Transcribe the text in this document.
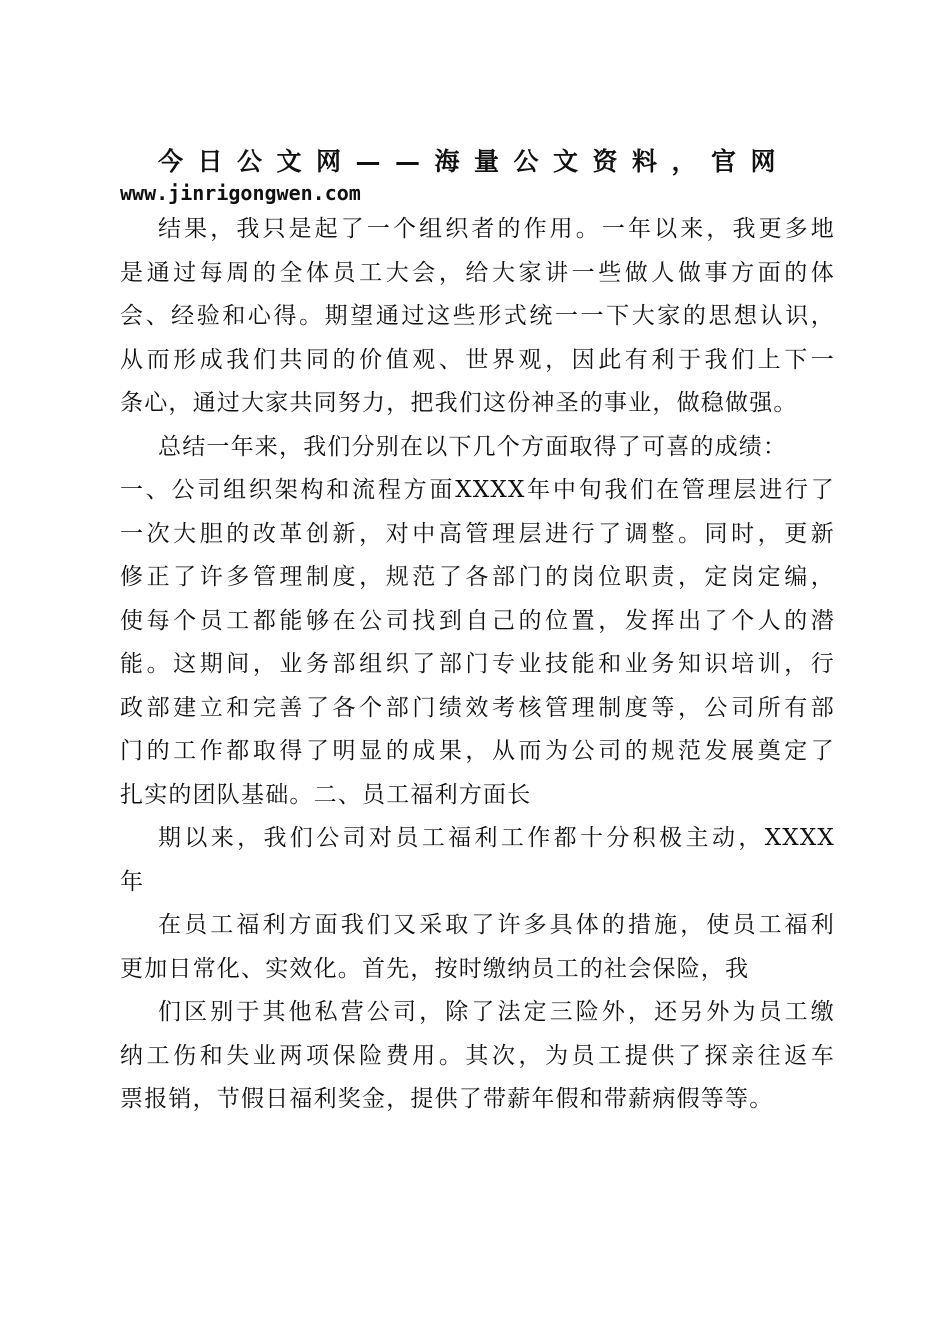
今日公文网——海量公文资料，官网
www.jinrigongwen.com
结果，我只是起了一个组织者的作用。一年以来，我更多地
是通过每周的全体员工大会，给大家讲一些做人做事方面的体
会、经验和心得。期望通过这些形式统一一下大家的思想认识，
从而形成我们共同的价值观、世界观，因此有利于我们上下一
条心，通过大家共同努力，把我们这份神圣的事业，做稳做强。
总结一年来，我们分别在以下几个方面取得了可喜的成绩：
一、公司组织架构和流程方面XXXX年中旬我们在管理层进行了
一次大胆的改革创新，对中高管理层进行了调整。同时，更新
修正了许多管理制度，规范了各部门的岗位职责，定岗定编，
使每个员工都能够在公司找到自己的位置，发挥出了个人的潜
能。这期间，业务部组织了部门专业技能和业务知识培训，行
政部建立和完善了各个部门绩效考核管理制度等，公司所有部
门的工作都取得了明显的成果，从而为公司的规范发展奠定了
扎实的团队基础。二、员工福利方面长
期以来，我们公司对员工福利工作都十分积极主动，XXXX
年
在员工福利方面我们又采取了许多具体的措施，使员工福利
更加日常化、实效化。首先，按时缴纳员工的社会保险，我
们区别于其他私营公司，除了法定三险外，还另外为员工缴
纳工伤和失业两项保险费用。其次，为员工提供了探亲往返车
票报销，节假日福利奖金，提供了带薪年假和带薪病假等等。
